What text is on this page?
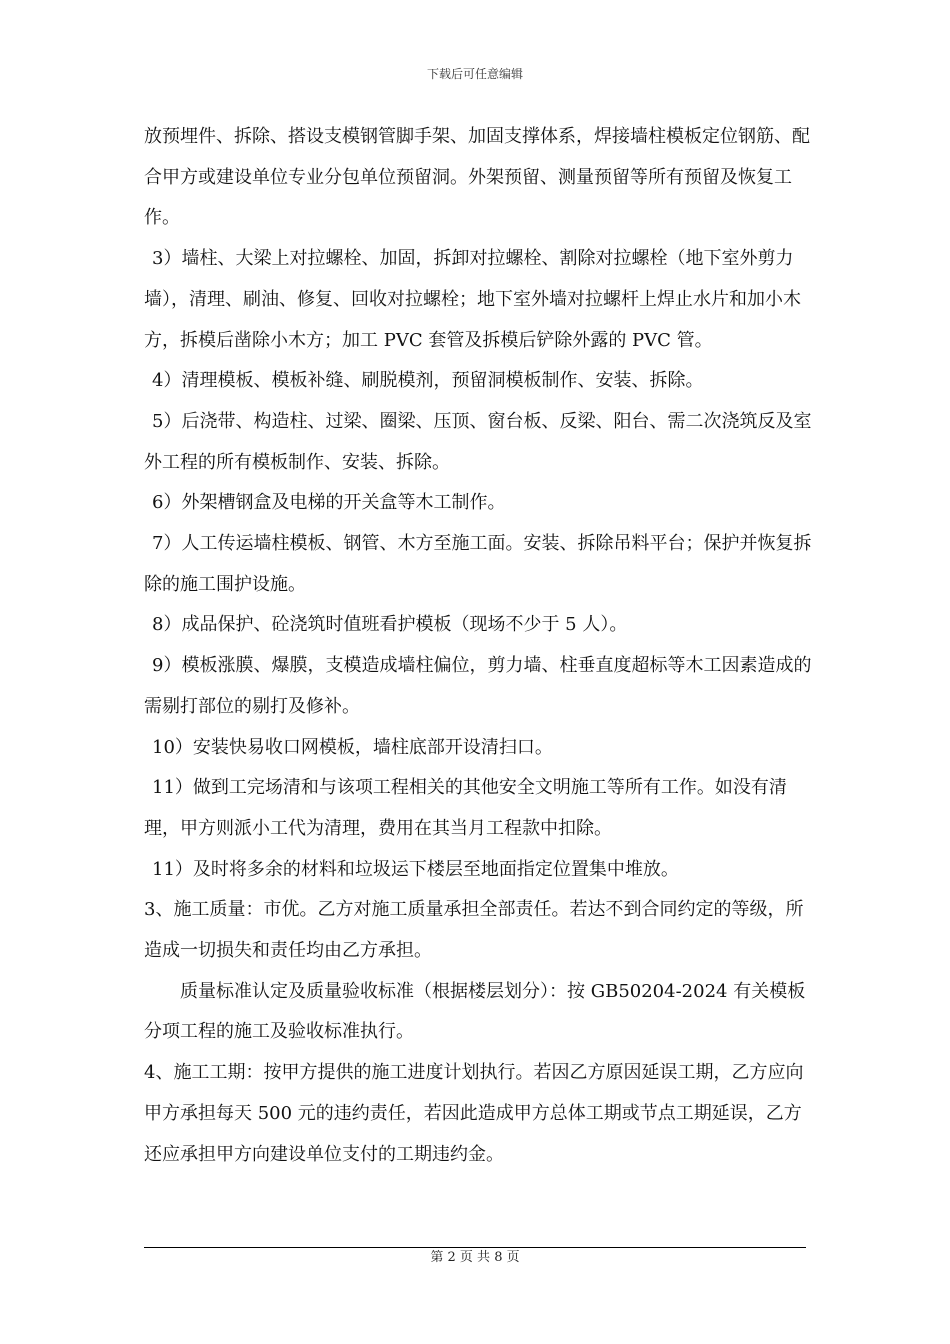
下载后可任意编辑

放预埋件、拆除、搭设支模钢管脚手架、加固支撑体系，焊接墙柱模板定位钢筋、配合甲方或建设单位专业分包单位预留洞。外架预留、测量预留等所有预留及恢复工作。

3）墙柱、大梁上对拉螺栓、加固，拆卸对拉螺栓、割除对拉螺栓（地下室外剪力墙），清理、刷油、修复、回收对拉螺栓；地下室外墙对拉螺杆上焊止水片和加小木方，拆模后凿除小木方；加工 PVC 套管及拆模后铲除外露的 PVC 管。

4）清理模板、模板补缝、刷脱模剂，预留洞模板制作、安装、拆除。

5）后浇带、构造柱、过梁、圈梁、压顶、窗台板、反梁、阳台、需二次浇筑反及室外工程的所有模板制作、安装、拆除。

6）外架槽钢盒及电梯的开关盒等木工制作。

7）人工传运墙柱模板、钢管、木方至施工面。安装、拆除吊料平台；保护并恢复拆除的施工围护设施。

8）成品保护、砼浇筑时值班看护模板（现场不少于 5 人）。

9）模板涨膜、爆膜，支模造成墙柱偏位，剪力墙、柱垂直度超标等木工因素造成的需剔打部位的剔打及修补。

10）安装快易收口网模板，墙柱底部开设清扫口。

11）做到工完场清和与该项工程相关的其他安全文明施工等所有工作。如没有清理，甲方则派小工代为清理，费用在其当月工程款中扣除。

11）及时将多余的材料和垃圾运下楼层至地面指定位置集中堆放。

3、施工质量：市优。乙方对施工质量承担全部责任。若达不到合同约定的等级，所造成一切损失和责任均由乙方承担。

质量标准认定及质量验收标准（根据楼层划分）：按 GB50204-2024 有关模板分项工程的施工及验收标准执行。

4、施工工期：按甲方提供的施工进度计划执行。若因乙方原因延误工期，乙方应向甲方承担每天 500 元的违约责任，若因此造成甲方总体工期或节点工期延误，乙方还应承担甲方向建设单位支付的工期违约金。

第 2 页 共 8 页
